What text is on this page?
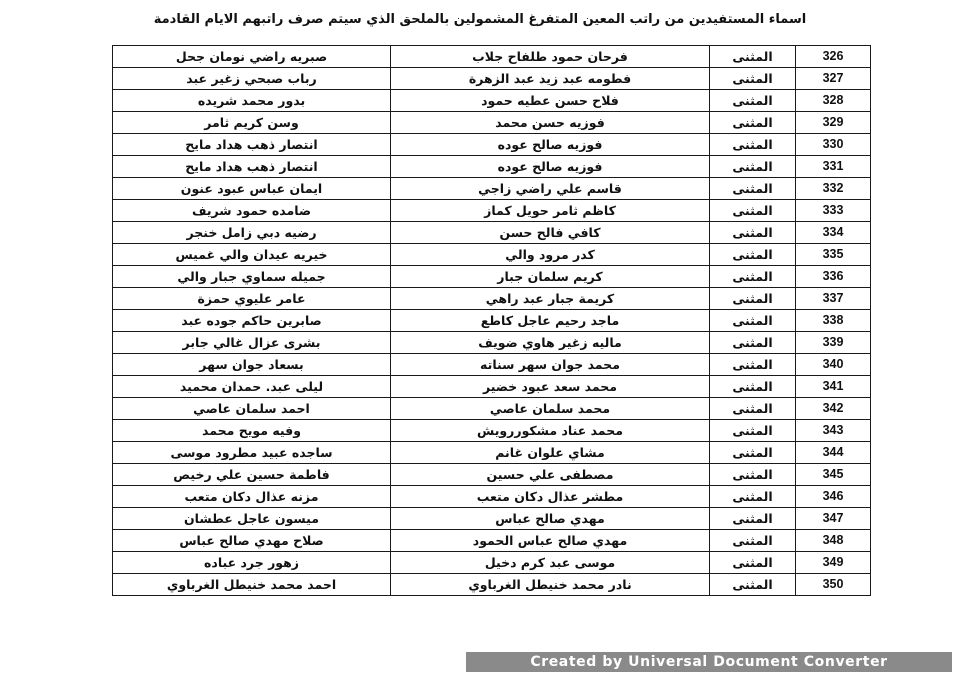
اسماء المستفيدين من راتب المعين المتفرغ المشمولين بالملحق الذي سيتم صرف راتبهم الايام القادمة
326	المثنى	فرحان حمود طلفاح جلاب	صبريه راضي نومان جحل
327	المثنى	فطومه عبد زيد عبد الزهرة	رباب صبحي زغير عبد
328	المثنى	فلاح حسن عطيه حمود	بدور محمد شريده
329	المثنى	فوزيه حسن محمد	وسن كريم ثامر
330	المثنى	فوزيه صالح عوده	انتصار ذهب هداد مايح
331	المثنى	فوزيه صالح عوده	انتصار ذهب هداد مايح
332	المثنى	قاسم علي راضي زاجي	ايمان عباس عبود عنون
333	المثنى	كاظم ثامر حويل كماز	ضامده حمود شريف
334	المثنى	كافي فالح حسن	رضيه دبي زامل خنجر
335	المثنى	كدر مرود والي	خيريه عيدان والي غميس
336	المثنى	كريم سلمان جبار	جميله سماوي جبار والي
337	المثنى	كريمة جبار عبد راهي	عامر عليوي حمزة
338	المثنى	ماجد رحيم عاجل كاطع	صابرين حاكم جوده عبد
339	المثنى	ماليه زغير هاوي ضويف	بشرى عزال غالي جابر
340	المثنى	محمد جوان سهر سناته	بسعاد جوان سهر
341	المثنى	محمد سعد عبود خضير	ليلى عبد. حمدان محميد
342	المثنى	محمد سلمان عاصي	احمد سلمان عاصي
343	المثنى	محمد عناد مشكوررويش	وفيه مويح محمد
344	المثنى	مشاي علوان غانم	ساجده عبيد مطرود موسى
345	المثنى	مصطفى علي حسين	فاطمة حسين علي رخيص
346	المثنى	مطشر عذال دكان متعب	مزنه عذال دكان متعب
347	المثنى	مهدي صالح عباس	ميسون عاجل عطشان
348	المثنى	مهدي صالح عباس الحمود	صلاح مهدي صالح عباس
349	المثنى	موسى عبد كرم دخيل	زهور جرد عباده
350	المثنى	نادر محمد خنيطل الغرباوي	احمد محمد خنيطل الغرباوي
Created by Universal Document Converter
